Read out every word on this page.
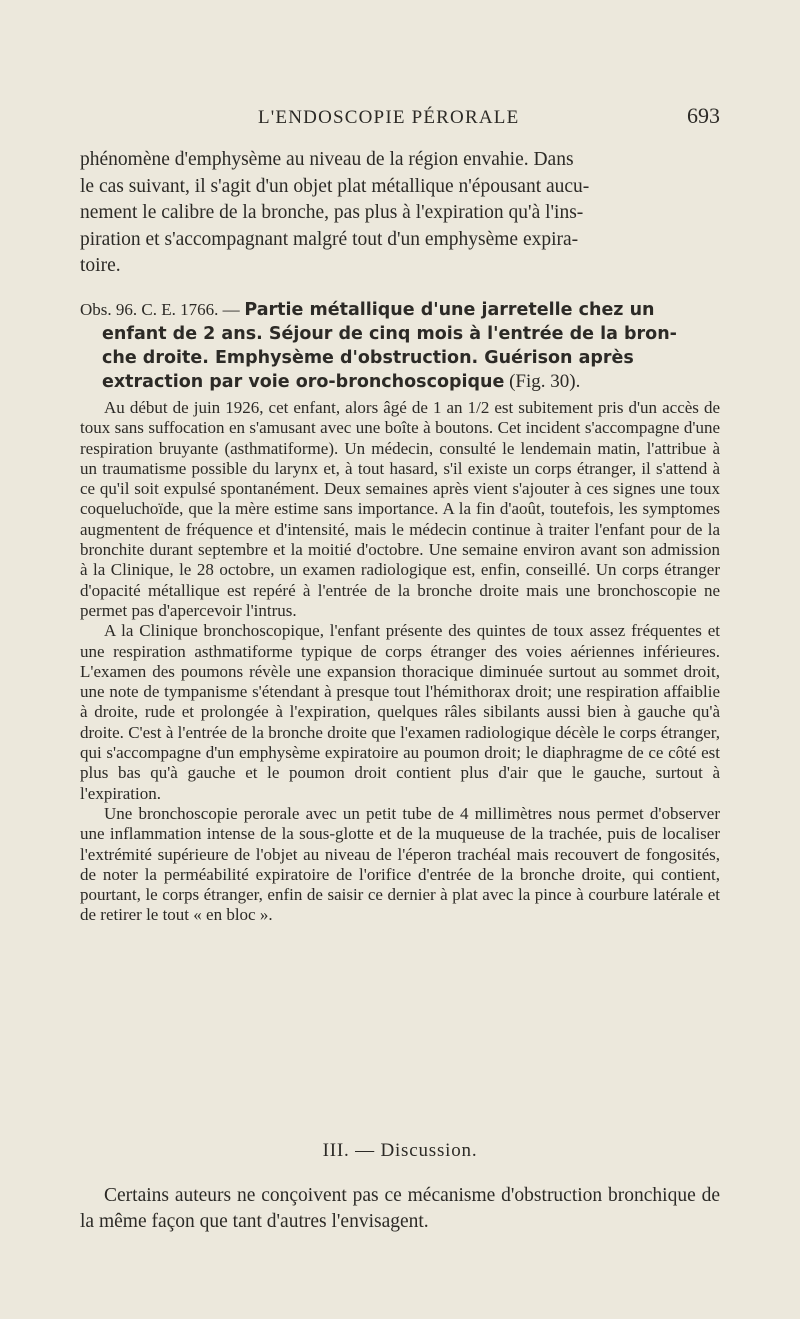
L'ENDOSCOPIE PÉRORALE	693
phénomène d'emphysème au niveau de la région envahie. Dans
le cas suivant, il s'agit d'un objet plat métallique n'épousant aucu-
nement le calibre de la bronche, pas plus à l'expiration qu'à l'ins-
piration et s'accompagnant malgré tout d'un emphysème expira-
toire.
Obs. 96. C. E. 1766. — Partie métallique d'une jarretelle chez un
enfant de 2 ans. Séjour de cinq mois à l'entrée de la bron-
che droite. Emphysème d'obstruction. Guérison après
extraction par voie oro-bronchoscopique (Fig. 30).

Au début de juin 1926, cet enfant, alors âgé de 1 an 1/2 est subitement pris d'un accès de toux sans suffocation en s'amusant avec une boîte à boutons. Cet incident s'accompagne d'une respiration bruyante (asthmatiforme). Un médecin, consulté le lendemain matin, l'attribue à un traumatisme possible du larynx et, à tout hasard, s'il existe un corps étranger, il s'attend à ce qu'il soit expulsé spontanément. Deux semaines après vient s'ajouter à ces signes une toux coqueluchoïde, que la mère estime sans importance. A la fin d'août, toutefois, les symptomes augmentent de fréquence et d'intensité, mais le médecin continue à traiter l'enfant pour de la bronchite durant septembre et la moitié d'octobre. Une semaine environ avant son admission à la Clinique, le 28 octobre, un examen radiologique est, enfin, conseillé. Un corps étranger d'opacité métallique est repéré à l'entrée de la bronche droite mais une bronchoscopie ne permet pas d'apercevoir l'intrus.

A la Clinique bronchoscopique, l'enfant présente des quintes de toux assez fréquentes et une respiration asthmatiforme typique de corps étranger des voies aériennes inférieures. L'examen des poumons révèle une expansion thoracique diminuée surtout au sommet droit, une note de tympanisme s'étendant à presque tout l'hémithorax droit; une respiration affaiblie à droite, rude et prolongée à l'expiration, quelques râles sibilants aussi bien à gauche qu'à droite. C'est à l'entrée de la bronche droite que l'examen radiologique décèle le corps étranger, qui s'accompagne d'un emphysème expiratoire au poumon droit; le diaphragme de ce côté est plus bas qu'à gauche et le poumon droit contient plus d'air que le gauche, surtout à l'expiration.

Une bronchoscopie perorale avec un petit tube de 4 millimètres nous permet d'observer une inflammation intense de la sous-glotte et de la muqueuse de la trachée, puis de localiser l'extrémité supérieure de l'objet au niveau de l'éperon trachéal mais recouvert de fongosités, de noter la perméabilité expiratoire de l'orifice d'entrée de la bronche droite, qui contient, pourtant, le corps étranger, enfin de saisir ce dernier à plat avec la pince à courbure latérale et de retirer le tout « en bloc ».

III. — Discussion.

Certains auteurs ne conçoivent pas ce mécanisme d'obstruction bronchique de la même façon que tant d'autres l'envisagent.
